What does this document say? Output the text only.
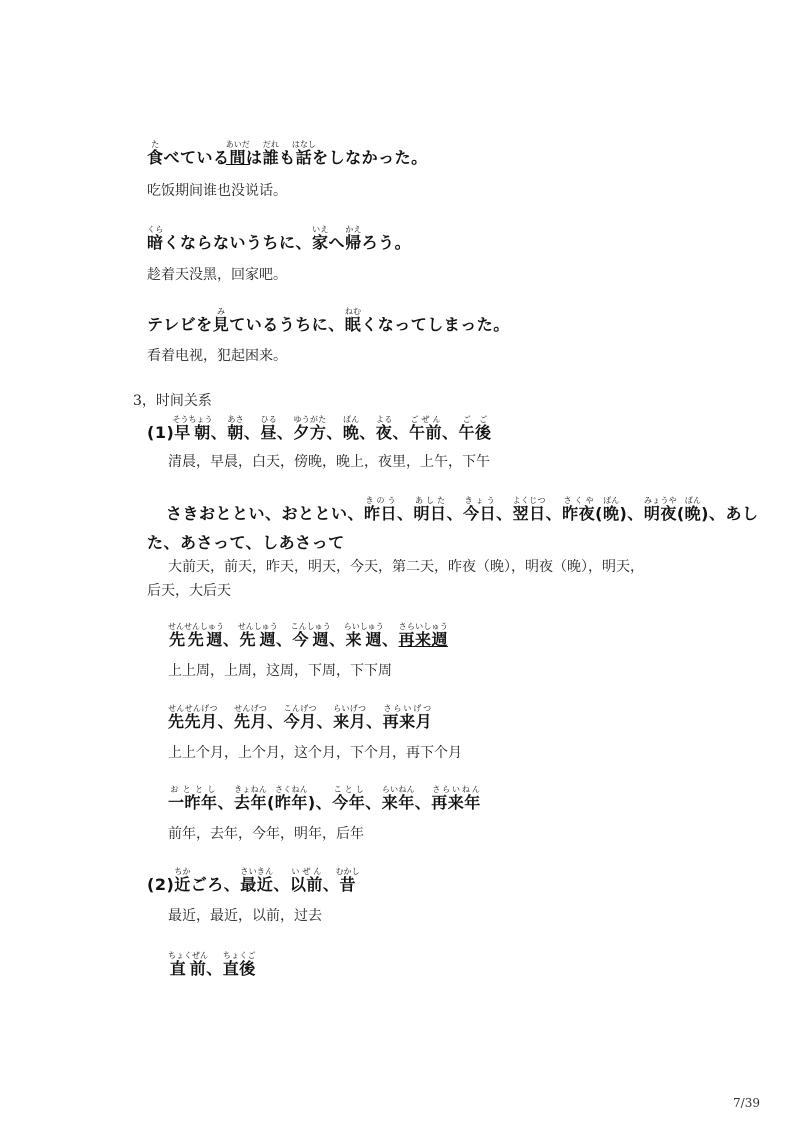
食たべている間あいだは誰だれも話はなしをしなかった。
吃饭期间谁也没说话。
暗くらくならないうちに、家いえへ帰かえろう。
趁着天没黑，回家吧。
テレビを見みているうちに、眠ねむくなってしまった。
看着电视，犯起困来。
3，时间关系
(1)早朝そうちょう、朝あさ、昼ひる、夕方ゆうがた、晩ばん、夜よる、午前ごぜん、午後ごご
清晨，早晨，白天，傍晚，晚上，夜里，上午，下午
さきおととい、おととい、昨日きのう、明日あした、今日きょう、翌日よくじつ、昨夜さくや(晩ばん)、明夜みょうや(晩ばん)、あし
た、あさって、しあさって
大前天，前天，昨天，明天，今天，第二天，昨夜（晚），明夜（晚），明天，
后天，大后天
先先週せんせんしゅう、先週せんしゅう、今週こんしゅう、来週らいしゅう、再来週さらいしゅう
上上周，上周，这周，下周，下下周
先先月せんせんげつ、先月せんげつ、今月こんげつ、来月らいげつ、再来月さらいげつ
上上个月，上个月，这个月，下个月，再下个月
一昨年おととし、去年きょねん(昨年さくねん)、今年ことし、来年らいねん、再来年さらいねん
前年，去年，今年，明年，后年
(2)近ちかごろ、最近さいきん、以前いぜん、昔むかし
最近，最近，以前，过去
直前ちょくぜん、直後ちょくご
7/39
